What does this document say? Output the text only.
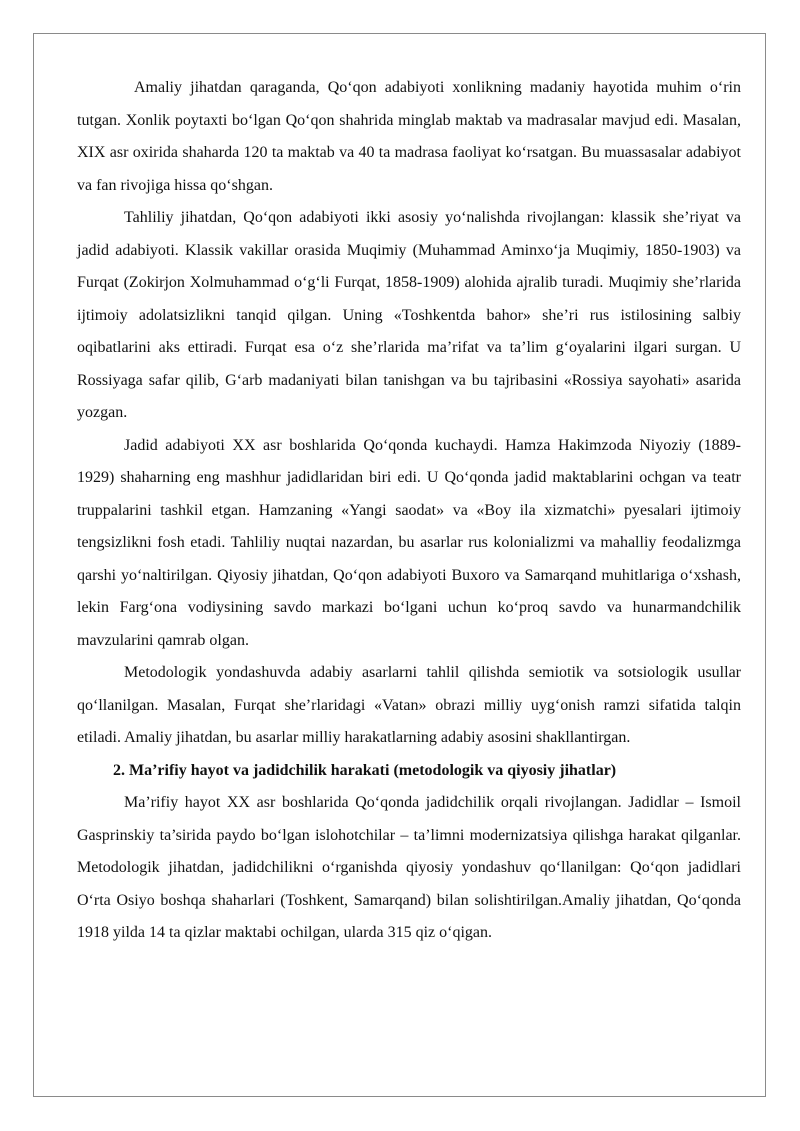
Amaliy jihatdan qaraganda, Qo‘qon adabiyoti xonlikning madaniy hayotida muhim o‘rin tutgan. Xonlik poytaxti bo‘lgan Qo‘qon shahrida minglab maktab va madrasalar mavjud edi. Masalan, XIX asr oxirida shaharda 120 ta maktab va 40 ta madrasa faoliyat ko‘rsatgan. Bu muassasalar adabiyot va fan rivojiga hissa qo‘shgan.

Tahliliy jihatdan, Qo‘qon adabiyoti ikki asosiy yo‘nalishda rivojlangan: klassik she’riyat va jadid adabiyoti. Klassik vakillar orasida Muqimiy (Muhammad Aminxo‘ja Muqimiy, 1850-1903) va Furqat (Zokirjon Xolmuhammad o‘g‘li Furqat, 1858-1909) alohida ajralib turadi. Muqimiy she’rlarida ijtimoiy adolatsizlikni tanqid qilgan. Uning «Toshkentda bahor» she’ri rus istilosining salbiy oqibatlarini aks ettiradi. Furqat esa o‘z she’rlarida ma’rifat va ta’lim g‘oyalarini ilgari surgan. U Rossiyaga safar qilib, G‘arb madaniyati bilan tanishgan va bu tajribasini «Rossiya sayohati» asarida yozgan.

Jadid adabiyoti XX asr boshlarida Qo‘qonda kuchaydi. Hamza Hakimzoda Niyoziy (1889-1929) shaharning eng mashhur jadidlaridan biri edi. U Qo‘qonda jadid maktablarini ochgan va teatr truppalarini tashkil etgan. Hamzaning «Yangi saodat» va «Boy ila xizmatchi» pyesalari ijtimoiy tengsizlikni fosh etadi. Tahliliy nuqtai nazardan, bu asarlar rus kolonializmi va mahalliy feodalizmga qarshi yo‘naltirilgan. Qiyosiy jihatdan, Qo‘qon adabiyoti Buxoro va Samarqand muhitlariga o‘xshash, lekin Farg‘ona vodiysining savdo markazi bo‘lgani uchun ko‘proq savdo va hunarmandchilik mavzularini qamrab olgan.

Metodologik yondashuvda adabiy asarlarni tahlil qilishda semiotik va sotsiologik usullar qo‘llanilgan. Masalan, Furqat she’rlaridagi «Vatan» obrazi milliy uyg‘onish ramzi sifatida talqin etiladi. Amaliy jihatdan, bu asarlar milliy harakatlarning adabiy asosini shakllantirgan.

2. Ma’rifiy hayot va jadidchilik harakati (metodologik va qiyosiy jihatlar)

Ma’rifiy hayot XX asr boshlarida Qo‘qonda jadidchilik orqali rivojlangan. Jadidlar – Ismoil Gasprinskiy ta’sirida paydo bo‘lgan islohotchilar – ta’limni modernizatsiya qilishga harakat qilganlar. Metodologik jihatdan, jadidchilikni o‘rganishda qiyosiy yondashuv qo‘llanilgan: Qo‘qon jadidlari O‘rta Osiyo boshqa shaharlari (Toshkent, Samarqand) bilan solishtirilgan.Amaliy jihatdan, Qo‘qonda 1918 yilda 14 ta qizlar maktabi ochilgan, ularda 315 qiz o‘qigan.
